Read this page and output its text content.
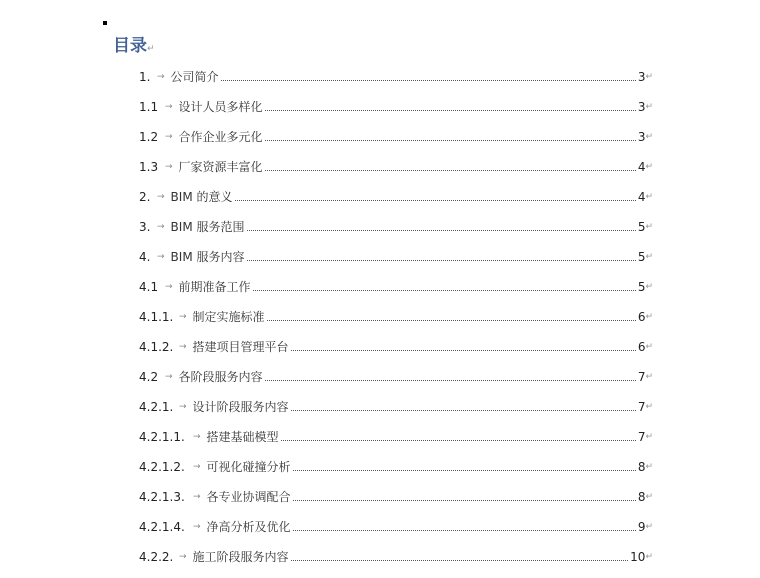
目录↵
1. → 公司简介	3 ↵
1.1 → 设计人员多样化	3 ↵
1.2 → 合作企业多元化	3 ↵
1.3 → 厂家资源丰富化	4 ↵
2. → BIM 的意义	4 ↵
3. → BIM 服务范围	5 ↵
4. → BIM 服务内容	5 ↵
4.1 → 前期准备工作	5 ↵
4.1.1. → 制定实施标准	6 ↵
4.1.2. → 搭建项目管理平台	6 ↵
4.2 → 各阶段服务内容	7 ↵
4.2.1. → 设计阶段服务内容	7 ↵
4.2.1.1. → 搭建基础模型	7 ↵
4.2.1.2. → 可视化碰撞分析	8 ↵
4.2.1.3. → 各专业协调配合	8 ↵
4.2.1.4. → 净高分析及优化	9 ↵
4.2.2. → 施工阶段服务内容	10 ↵
